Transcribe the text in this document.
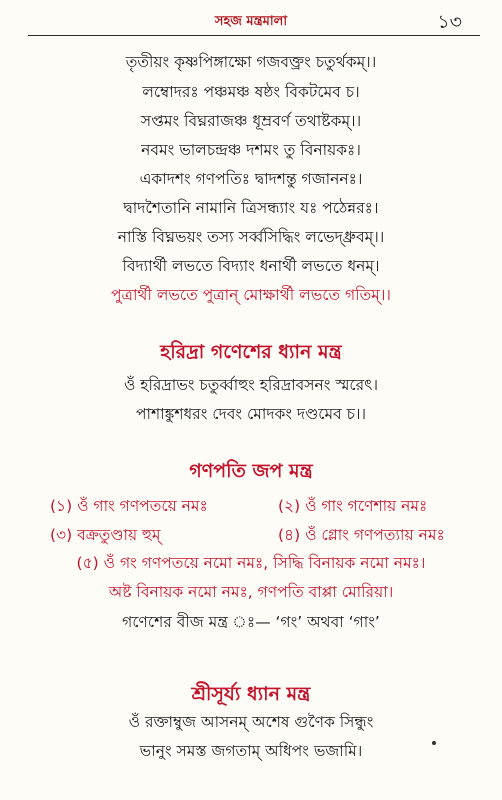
সহজ মন্ত্রমালা	১৩
তৃতীয়ং কৃষ্ণপিঙ্গাক্ষো গজবক্ত্রং চতুর্থকম্।।
লম্বোদরঃ পঞ্চমঞ্চ ষষ্ঠং বিকটমেব চ।
সপ্তমং বিঘ্নরাজঞ্চ ধূম্রবর্ণ তথাষ্টকম্।।
নবমং ভালচন্দ্রঞ্চ দশমং তু বিনায়কঃ।
একাদশং গণপতিঃ দ্বাদশন্তু গজাননঃ।
দ্বাদশৈতানি নামানি ত্রিসন্ধ্যাং যঃ পঠেন্নরঃ।
নাস্তি বিঘ্নভয়ং তস্য সর্ব্বসিদ্ধিং লভেদ্ধ্রুবম্।।
বিদ্যার্থী লভতে বিদ্যাং ধনার্থী লভতে ধনম্।
পুত্রার্থী লভতে পুত্রান্ মোক্ষার্থী লভতে গতিম্।।
হরিদ্রা গণেশের ধ্যান মন্ত্র
ওঁ হরিদ্রাভং চতুর্ব্বাহুং হরিদ্রাবসনং স্মরেৎ।
পাশাঙ্কুশধরং দেবং মোদকং দণ্ডমেব চ।।
গণপতি জপ মন্ত্র
(১) ওঁ গাং গণপতয়ে নমঃ	(২) ওঁ গাং গণেশায় নমঃ
(৩) বক্রতুণ্ডায় হুম্	(৪) ওঁ গ্লোং গণপত্যায় নমঃ
(৫) ওঁ গং গণপতয়ে নমো নমঃ, সিদ্ধি বিনায়ক নমো নমঃ।
অষ্ট বিনায়ক নমো নমঃ, গণপতি বাপ্পা মোরিয়া।
গণেশের বীজ মন্ত্র ঃ— ‘গং’ অথবা ‘গাং’
শ্রীসূর্য্য ধ্যান মন্ত্র
ওঁ রক্তাম্বুজ আসনম্ অশেষ গুণৈক সিন্ধুং
ভানুং সমস্ত জগতাম্ অধিপং ভজামি।
